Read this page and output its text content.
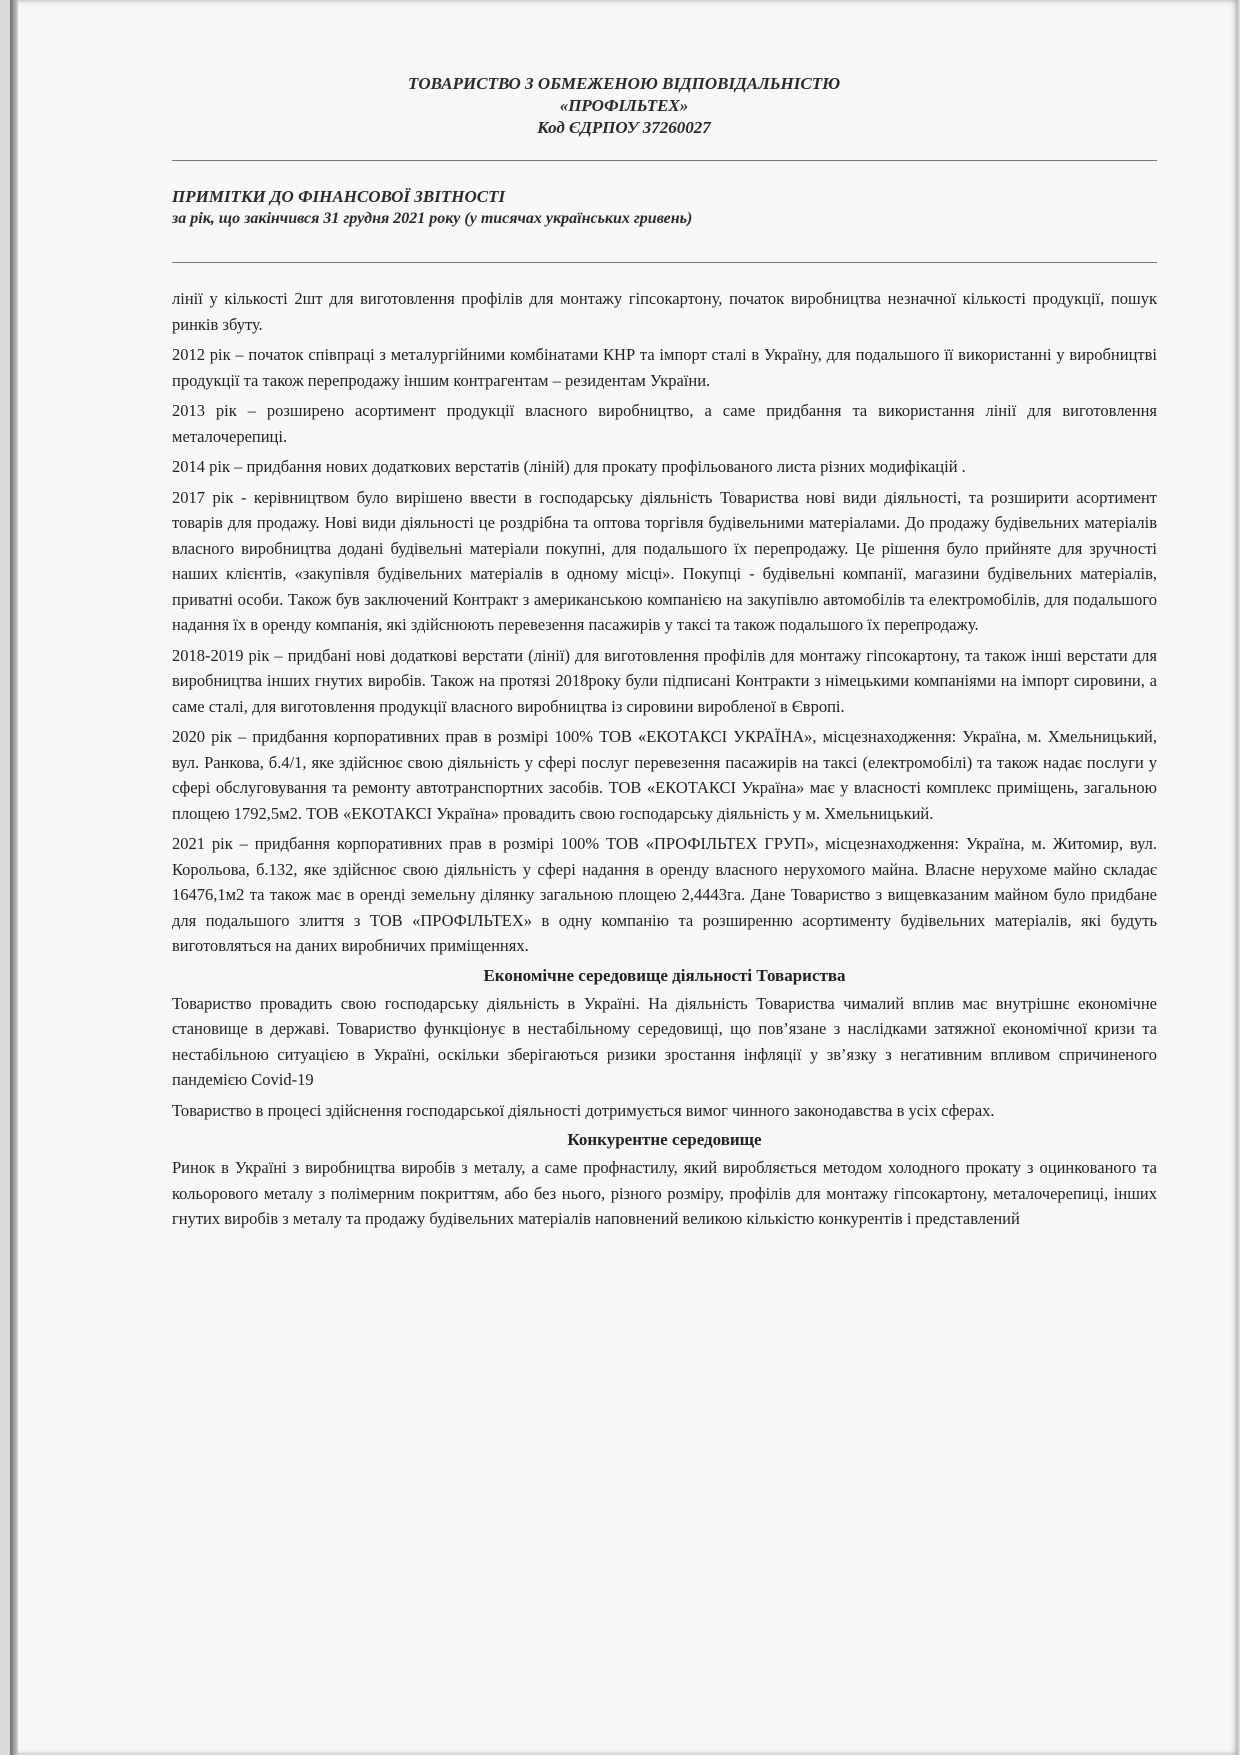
ТОВАРИСТВО З ОБМЕЖЕНОЮ ВІДПОВІДАЛЬНІСТЮ
«ПРОФІЛЬТЕХ»
Код ЄДРПОУ 37260027
ПРИМІТКИ ДО ФІНАНСОВОЇ ЗВІТНОСТІ
за рік, що закінчився 31 грудня 2021 року (у тисячах українських гривень)

лінії у кількості 2шт для виготовлення профілів для монтажу гіпсокартону, початок виробництва незначної кількості продукції, пошук ринків збуту.

2012 рік – початок співпраці з металургійними комбінатами КНР та імпорт сталі в Україну, для подальшого її використанні у виробництві продукції та також перепродажу іншим контрагентам – резидентам України.

2013 рік – розширено асортимент продукції власного виробництво, а саме придбання та використання лінії для виготовлення металочерепиці.

2014 рік – придбання нових додаткових верстатів (ліній) для прокату профільованого листа різних модифікацій .

2017 рік - керівництвом було вирішено ввести в господарську діяльність Товариства нові види діяльності, та розширити асортимент товарів для продажу. Нові види діяльності це роздрібна та оптова торгівля будівельними матеріалами. До продажу будівельних матеріалів власного виробництва додані будівельні матеріали покупні, для подальшого їх перепродажу. Це рішення було прийняте для зручності наших клієнтів, «закупівля будівельних матеріалів в одному місці». Покупці - будівельні компанії, магазини будівельних матеріалів, приватні особи. Також був заключений Контракт з американською компанією на закупівлю автомобілів та електромобілів, для подальшого надання їх в оренду компанія, які здійснюють перевезення пасажирів у таксі та також подальшого їх перепродажу.

2018-2019 рік – придбані нові додаткові верстати (лінії) для виготовлення профілів для монтажу гіпсокартону, та також інші верстати для виробництва інших гнутих виробів. Також на протязі 2018року були підписані Контракти з німецькими компаніями на імпорт сировини, а саме сталі, для виготовлення продукції власного виробництва із сировини виробленої в Європі.

2020 рік – придбання корпоративних прав в розмірі 100% ТОВ «ЕКОТАКСІ УКРАЇНА», місцезнаходження: Україна, м. Хмельницький, вул. Ранкова, б.4/1, яке здійснює свою діяльність у сфері послуг перевезення пасажирів на таксі (електромобілі) та також надає послуги у сфері обслуговування та ремонту автотранспортних засобів. ТОВ «ЕКОТАКСІ Україна» має у власності комплекс приміщень, загальною площею 1792,5м2. ТОВ «ЕКОТАКСІ Україна» провадить свою господарську діяльність у м. Хмельницький.

2021 рік – придбання корпоративних прав в розмірі 100% ТОВ «ПРОФІЛЬТЕХ ГРУП», місцезнаходження: Україна, м. Житомир, вул. Корольова, б.132, яке здійснює свою діяльність у сфері надання в оренду власного нерухомого майна. Власне нерухоме майно складає 16476,1м2 та також має в оренді земельну ділянку загальною площею 2,4443га. Дане Товариство з вищевказаним майном було придбане для подальшого злиття з ТОВ «ПРОФІЛЬТЕХ» в одну компанію та розширенню асортименту будівельних матеріалів, які будуть виготовляться на даних виробничих приміщеннях.

Економічне середовище діяльності Товариства

Товариство провадить свою господарську діяльність в Україні. На діяльність Товариства чималий вплив має внутрішнє економічне становище в державі. Товариство функціонує в нестабільному середовищі, що пов’язане з наслідками затяжної економічної кризи та нестабільною ситуацією в Україні, оскільки зберігаються ризики зростання інфляції у зв’язку з негативним впливом спричиненого пандемією Covid-19

Товариство в процесі здійснення господарської діяльності дотримується вимог чинного законодавства в усіх сферах.

Конкурентне середовище

Ринок в Україні з виробництва виробів з металу, а саме профнастилу, який виробляється методом холодного прокату з оцинкованого та кольорового металу з полімерним покриттям, або без нього, різного розміру, профілів для монтажу гіпсокартону, металочерепиці, інших гнутих виробів з металу та продажу будівельних матеріалів наповнений великою кількістю конкурентів і представлений
